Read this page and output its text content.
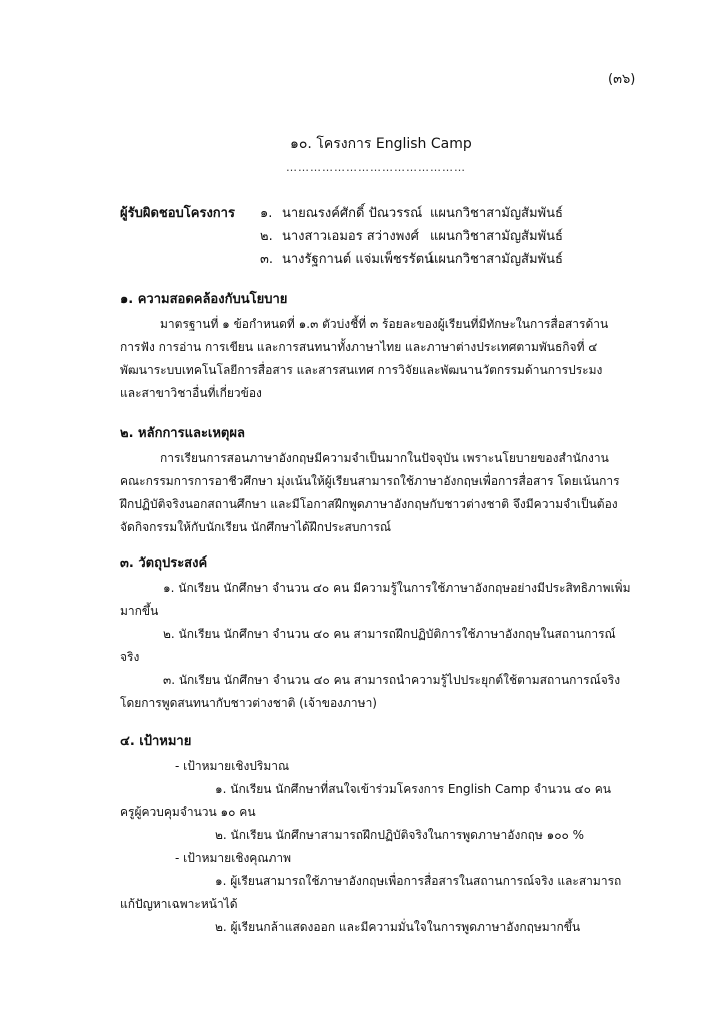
(๓๖)
๑๐. โครงการ English Camp
………………………………………
ผู้รับผิดชอบโครงการ ๑. นายณรงค์ศักดิ์ ปัณวรรณ์ แผนกวิชาสามัญสัมพันธ์
๒. นางสาวเอมอร สว่างพงศ์ แผนกวิชาสามัญสัมพันธ์
๓. นางรัฐกานต์ แจ่มเพ็ชรรัตน์
แผนกวิชาสามัญสัมพันธ์
๑. ความสอดคล้องกับนโยบาย
มาตรฐานที่ ๑ ข้อกำหนดที่ ๑.๓ ตัวบ่งชี้ที่ ๓ ร้อยละของผู้เรียนที่มีทักษะในการสื่อสารด้าน
การฟัง การอ่าน การเขียน และการสนทนาทั้งภาษาไทย และภาษาต่างประเทศตามพันธกิจที่ ๔
พัฒนาระบบเทคโนโลยีการสื่อสาร และสารสนเทศ การวิจัยและพัฒนานวัตกรรมด้านการประมง
และสาขาวิชาอื่นที่เกี่ยวข้อง
๒. หลักการและเหตุผล
การเรียนการสอนภาษาอังกฤษมีความจำเป็นมากในปัจจุบัน เพราะนโยบายของสำนักงาน
คณะกรรมการการอาชีวศึกษา มุ่งเน้นให้ผู้เรียนสามารถใช้ภาษาอังกฤษเพื่อการสื่อสาร โดยเน้นการ
ฝึกปฏิบัติจริงนอกสถานศึกษา และมีโอกาสฝึกพูดภาษาอังกฤษกับชาวต่างชาติ จึงมีความจำเป็นต้อง
จัดกิจกรรมให้กับนักเรียน นักศึกษาได้ฝึกประสบการณ์
๓. วัตถุประสงค์
๑. นักเรียน นักศึกษา จำนวน ๔๐ คน มีความรู้ในการใช้ภาษาอังกฤษอย่างมีประสิทธิภาพเพิ่ม
มากขึ้น
๒. นักเรียน นักศึกษา จำนวน ๔๐ คน สามารถฝึกปฏิบัติการใช้ภาษาอังกฤษในสถานการณ์
จริง
๓. นักเรียน นักศึกษา จำนวน ๔๐ คน สามารถนำความรู้ไปประยุกต์ใช้ตามสถานการณ์จริง
โดยการพูดสนทนากับชาวต่างชาติ (เจ้าของภาษา)
๔. เป้าหมาย
- เป้าหมายเชิงปริมาณ
๑. นักเรียน นักศึกษาที่สนใจเข้าร่วมโครงการ English Camp จำนวน ๔๐ คน
ครูผู้ควบคุมจำนวน ๑๐ คน
๒. นักเรียน นักศึกษาสามารถฝึกปฏิบัติจริงในการพูดภาษาอังกฤษ ๑๐๐ %
- เป้าหมายเชิงคุณภาพ
๑. ผู้เรียนสามารถใช้ภาษาอังกฤษเพื่อการสื่อสารในสถานการณ์จริง และสามารถ
แก้ปัญหาเฉพาะหน้าได้
๒. ผู้เรียนกล้าแสดงออก และมีความมั่นใจในการพูดภาษาอังกฤษมากขึ้น
